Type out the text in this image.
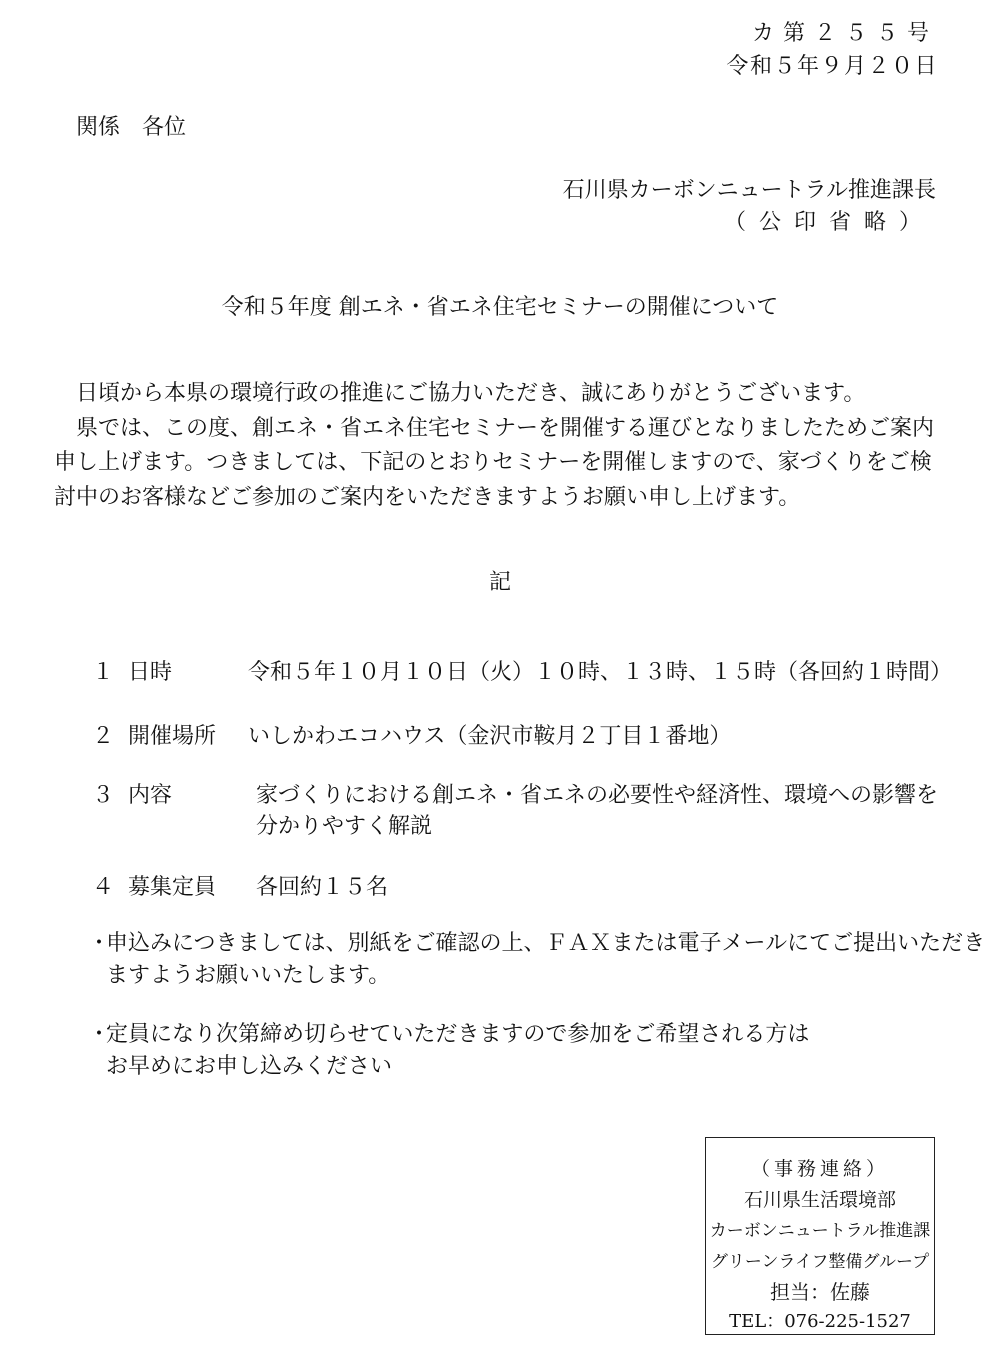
カ第２５５号
令和５年９月２０日
関係　各位
石川県カーボンニュートラル推進課長
（公印省略）
令和５年度 創エネ・省エネ住宅セミナーの開催について

日頃から本県の環境行政の推進にご協力いただき、誠にありがとうございます。

県では、この度、創エネ・省エネ住宅セミナーを開催する運びとなりましたためご案内申し上げます。つきましては、下記のとおりセミナーを開催しますので、家づくりをご検討中のお客様などご参加のご案内をいただきますようお願い申し上げます。

記
１ 日時	令和５年１０月１０日（火）１０時、１３時、１５時（各回約１時間）
２ 開催場所 いしかわエコハウス（金沢市鞍月２丁目１番地）
３ 内容	家づくりにおける創エネ・省エネの必要性や経済性、環境への影響を
分かりやすく解説
４ 募集定員 各回約１５名
・
申込みにつきましては、別紙をご確認の上、ＦＡＸまたは電子メールにてご提出いただき
ますようお願いいたします。
・
定員になり次第締め切らせていただきますので参加をご希望される方は
お早めにお申し込みください
（事務連絡）
石川県生活環境部
カーボンニュートラル推進課
グリーンライフ整備グループ
担当：佐藤
TEL：076-225-1527
